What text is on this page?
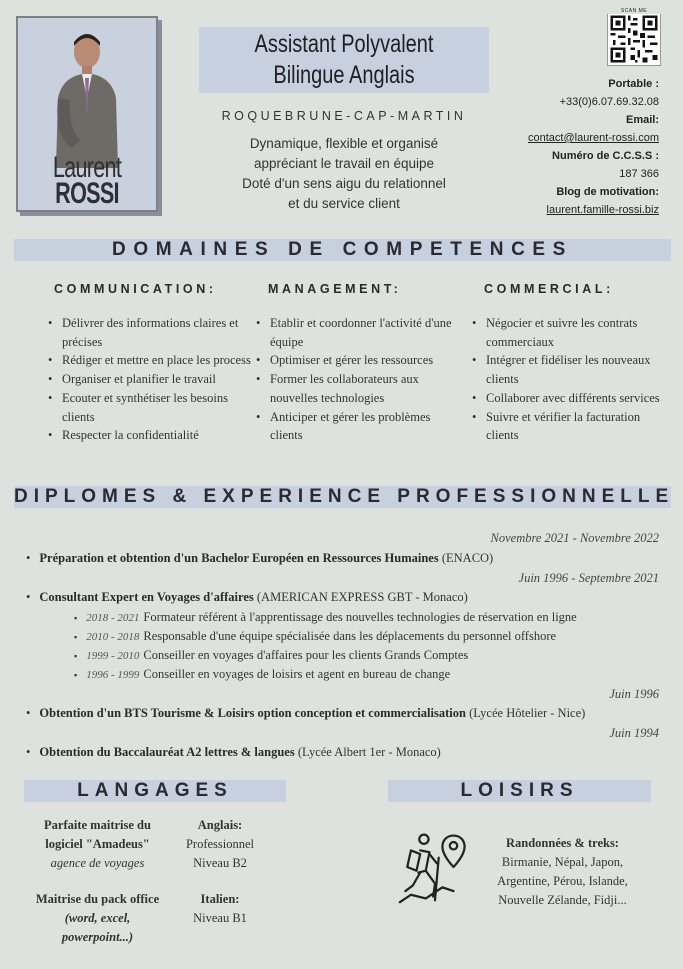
Laurent
ROSSI
Assistant Polyvalent
Bilingue Anglais
ROQUEBRUNE-CAP-MARTIN
Dynamique, flexible et organisé
appréciant le travail en équipe
Doté d'un sens aigu du relationnel
et du service client
SCAN ME
Portable :
+33(0)6.07.69.32.08
Email:
contact@laurent-rossi.com
Numéro de C.C.S.S :
187 366
Blog de motivation:
laurent.famille-rossi.biz
DOMAINES DE COMPETENCES
COMMUNICATION:
• Délivrer des informations claires et précises
• Rédiger et mettre en place les process
• Organiser et planifier le travail
• Ecouter et synthétiser les besoins clients
• Respecter la confidentialité
MANAGEMENT:
• Etablir et coordonner l'activité d'une équipe
• Optimiser et gérer les ressources
• Former les collaborateurs aux nouvelles technologies
• Anticiper et gérer les problèmes clients
COMMERCIAL:
• Négocier et suivre les contrats commerciaux
• Intégrer et fidéliser les nouveaux clients
• Collaborer avec différents services
• Suivre et vérifier la facturation clients
DIPLOMES & EXPERIENCE PROFESSIONNELLE
Novembre 2021 - Novembre 2022
• Préparation et obtention d'un Bachelor Européen en Ressources Humaines (ENACO)
Juin 1996 - Septembre 2021
• Consultant Expert en Voyages d'affaires (AMERICAN EXPRESS GBT - Monaco)
▪ 2018 - 2021 Formateur référent à l'apprentissage des nouvelles technologies de réservation en ligne
▪ 2010 - 2018 Responsable d'une équipe spécialisée dans les déplacements du personnel offshore
▪ 1999 - 2010 Conseiller en voyages d'affaires pour les clients Grands Comptes
▪ 1996 - 1999 Conseiller en voyages de loisirs et agent en bureau de change
Juin 1996
• Obtention d'un BTS Tourisme & Loisirs option conception et commercialisation (Lycée Hôtelier - Nice)
Juin 1994
• Obtention du Baccalauréat A2 lettres & langues (Lycée Albert 1er - Monaco)
LANGAGES
Parfaite maitrise du
logiciel "Amadeus"
agence de voyages
Maitrise du pack office
(word, excel,
powerpoint...)
Anglais:
Professionnel
Niveau B2
Italien:
Niveau B1
LOISIRS
Randonnées & treks:
Birmanie, Népal, Japon,
Argentine, Pérou, Islande,
Nouvelle Zélande, Fidji...
